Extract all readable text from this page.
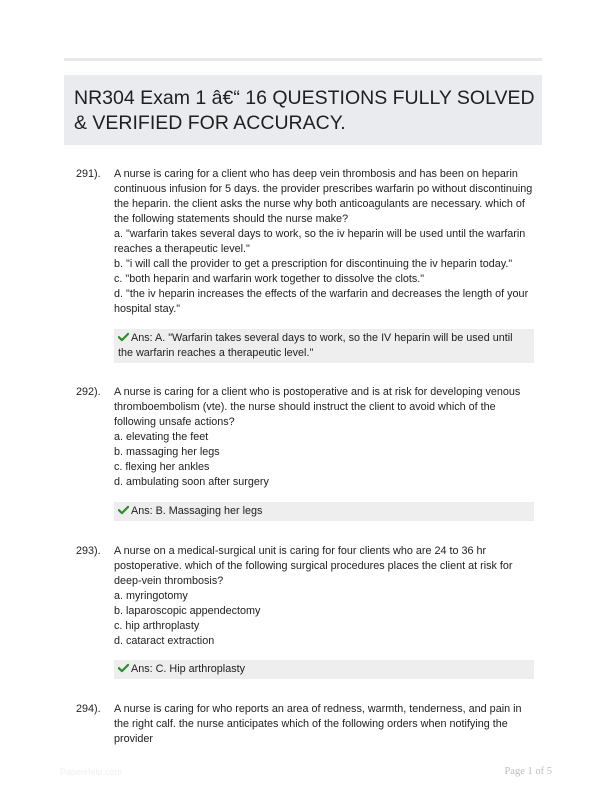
NR304 Exam 1 â€“ 16 QUESTIONS FULLY SOLVED & VERIFIED FOR ACCURACY.
291). A nurse is caring for a client who has deep vein thrombosis and has been on heparin continuous infusion for 5 days. the provider prescribes warfarin po without discontinuing the heparin. the client asks the nurse why both anticoagulants are necessary. which of the following statements should the nurse make?
a. "warfarin takes several days to work, so the iv heparin will be used until the warfarin reaches a therapeutic level."
b. "i will call the provider to get a prescription for discontinuing the iv heparin today."
c. "both heparin and warfarin work together to dissolve the clots."
d. "the iv heparin increases the effects of the warfarin and decreases the length of your hospital stay."
Ans: A. "Warfarin takes several days to work, so the IV heparin will be used until the warfarin reaches a therapeutic level."
292). A nurse is caring for a client who is postoperative and is at risk for developing venous thromboembolism (vte). the nurse should instruct the client to avoid which of the following unsafe actions?
a. elevating the feet
b. massaging her legs
c. flexing her ankles
d. ambulating soon after surgery
Ans: B. Massaging her legs
293). A nurse on a medical-surgical unit is caring for four clients who are 24 to 36 hr postoperative. which of the following surgical procedures places the client at risk for deep-vein thrombosis?
a. myringotomy
b. laparoscopic appendectomy
c. hip arthroplasty
d. cataract extraction
Ans: C. Hip arthroplasty
294). A nurse is caring for who reports an area of redness, warmth, tenderness, and pain in the right calf. the nurse anticipates which of the following orders when notifying the provider
PaperHelp.com	Page 1 of 5
